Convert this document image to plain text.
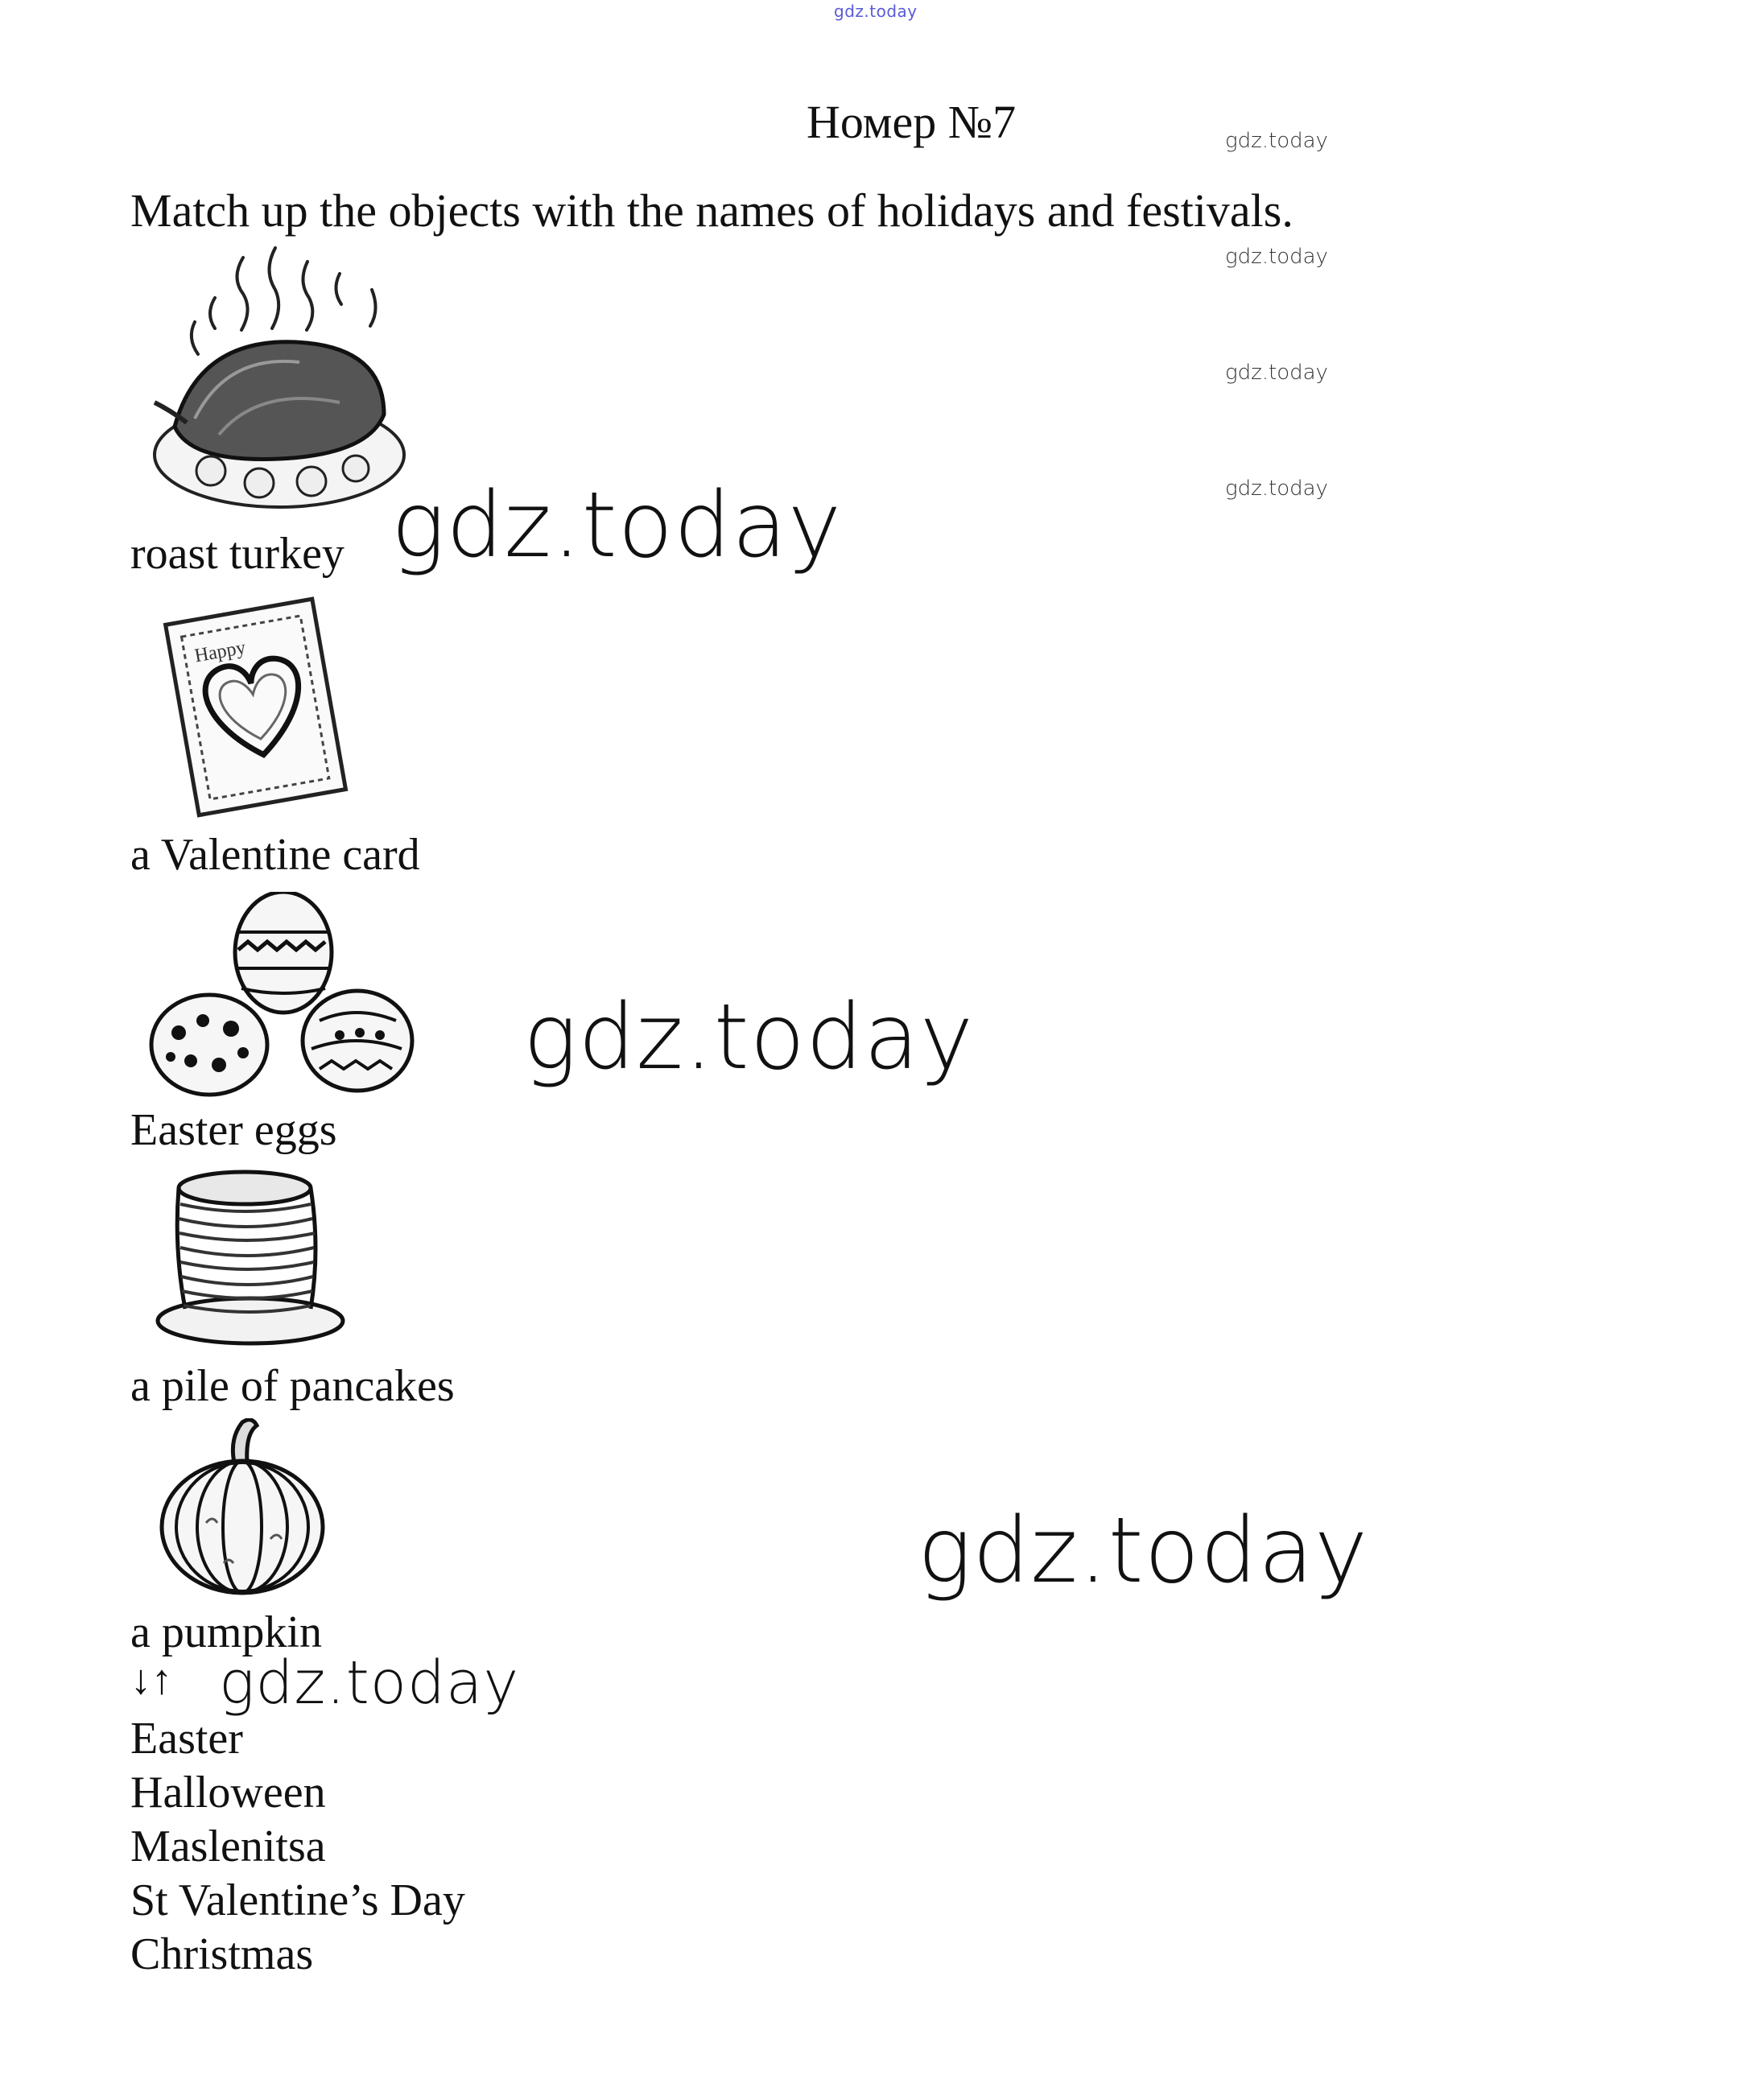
gdz.today
Номер №7
Match up the objects with the names of holidays and festivals.
gdz.today
gdz.today
gdz.today
gdz.today
gdz.today
gdz.today
gdz.today
gdz.today
roast turkey
Happy
a Valentine card
Easter eggs
a pile of pancakes
a pumpkin
↓↑
Easter
Halloween
Maslenitsa
St Valentine’s Day
Christmas
